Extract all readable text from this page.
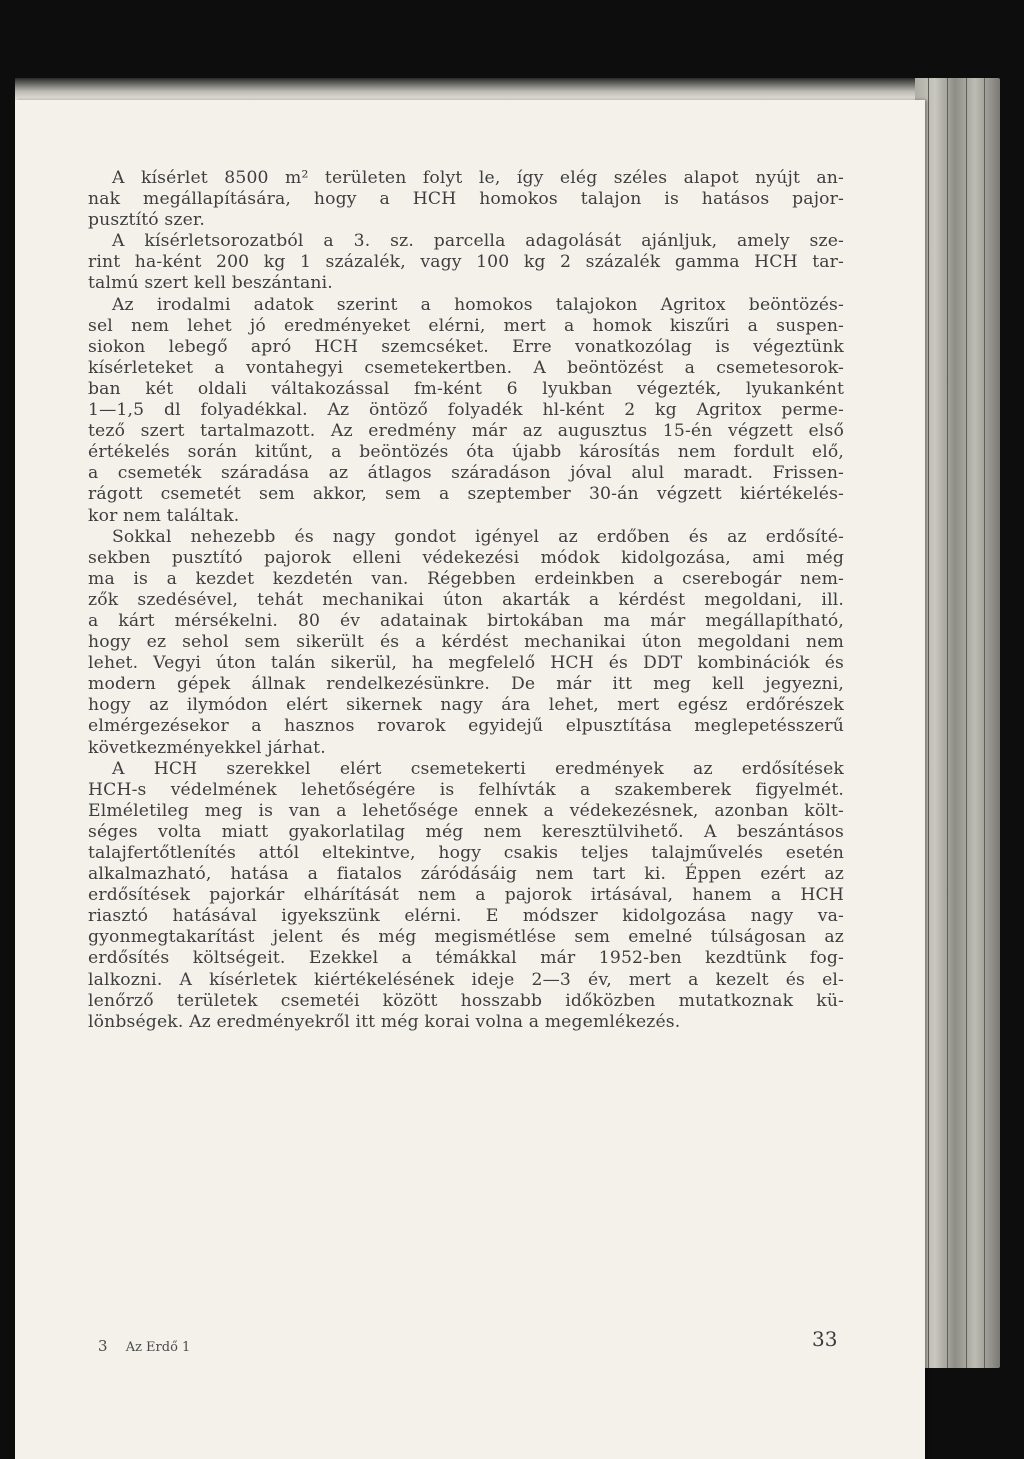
A kísérlet 8500 m² területen folyt le, így elég széles alapot nyújt an-
nak megállapítására, hogy a HCH homokos talajon is hatásos pajor-
pusztító szer.
A kísérletsorozatból a 3. sz. parcella adagolását ajánljuk, amely sze-
rint ha-ként 200 kg 1 százalék, vagy 100 kg 2 százalék gamma HCH tar-
talmú szert kell beszántani.
Az irodalmi adatok szerint a homokos talajokon Agritox beöntözés-
sel nem lehet jó eredményeket elérni, mert a homok kiszűri a suspen-
siokon lebegő apró HCH szemcséket. Erre vonatkozólag is végeztünk
kísérleteket a vontahegyi csemetekertben. A beöntözést a csemetesorok-
ban két oldali váltakozással fm-ként 6 lyukban végezték, lyukanként
1—1,5 dl folyadékkal. Az öntöző folyadék hl-ként 2 kg Agritox perme-
tező szert tartalmazott. Az eredmény már az augusztus 15-én végzett első
értékelés során kitűnt, a beöntözés óta újabb károsítás nem fordult elő,
a csemeték száradása az átlagos száradáson jóval alul maradt. Frissen-
rágott csemetét sem akkor, sem a szeptember 30-án végzett kiértékelés-
kor nem találtak.
Sokkal nehezebb és nagy gondot igényel az erdőben és az erdősíté-
sekben pusztító pajorok elleni védekezési módok kidolgozása, ami még
ma is a kezdet kezdetén van. Régebben erdeinkben a cserebogár nem-
zők szedésével, tehát mechanikai úton akarták a kérdést megoldani, ill.
a kárt mérsékelni. 80 év adatainak birtokában ma már megállapítható,
hogy ez sehol sem sikerült és a kérdést mechanikai úton megoldani nem
lehet. Vegyi úton talán sikerül, ha megfelelő HCH és DDT kombinációk és
modern gépek állnak rendelkezésünkre. De már itt meg kell jegyezni,
hogy az ilymódon elért sikernek nagy ára lehet, mert egész erdőrészek
elmérgezésekor a hasznos rovarok egyidejű elpusztítása meglepetésszerű
következményekkel járhat.
A HCH szerekkel elért csemetekerti eredmények az erdősítések
HCH-s védelmének lehetőségére is felhívták a szakemberek figyelmét.
Elméletileg meg is van a lehetősége ennek a védekezésnek, azonban költ-
séges volta miatt gyakorlatilag még nem keresztülvihető. A beszántásos
talajfertőtlenítés attól eltekintve, hogy csakis teljes talajművelés esetén
alkalmazható, hatása a fiatalos záródásáig nem tart ki. Éppen ezért az
erdősítések pajorkár elhárítását nem a pajorok irtásával, hanem a HCH
riasztó hatásával igyekszünk elérni. E módszer kidolgozása nagy va-
gyonmegtakarítást jelent és még megismétlése sem emelné túlságosan az
erdősítés költségeit. Ezekkel a témákkal már 1952-ben kezdtünk fog-
lalkozni. A kísérletek kiértékelésének ideje 2—3 év, mert a kezelt és el-
lenőrző területek csemetéi között hosszabb időközben mutatkoznak kü-
lönbségek. Az eredményekről itt még korai volna a megemlékezés.
3 Az Erdő 1	33
